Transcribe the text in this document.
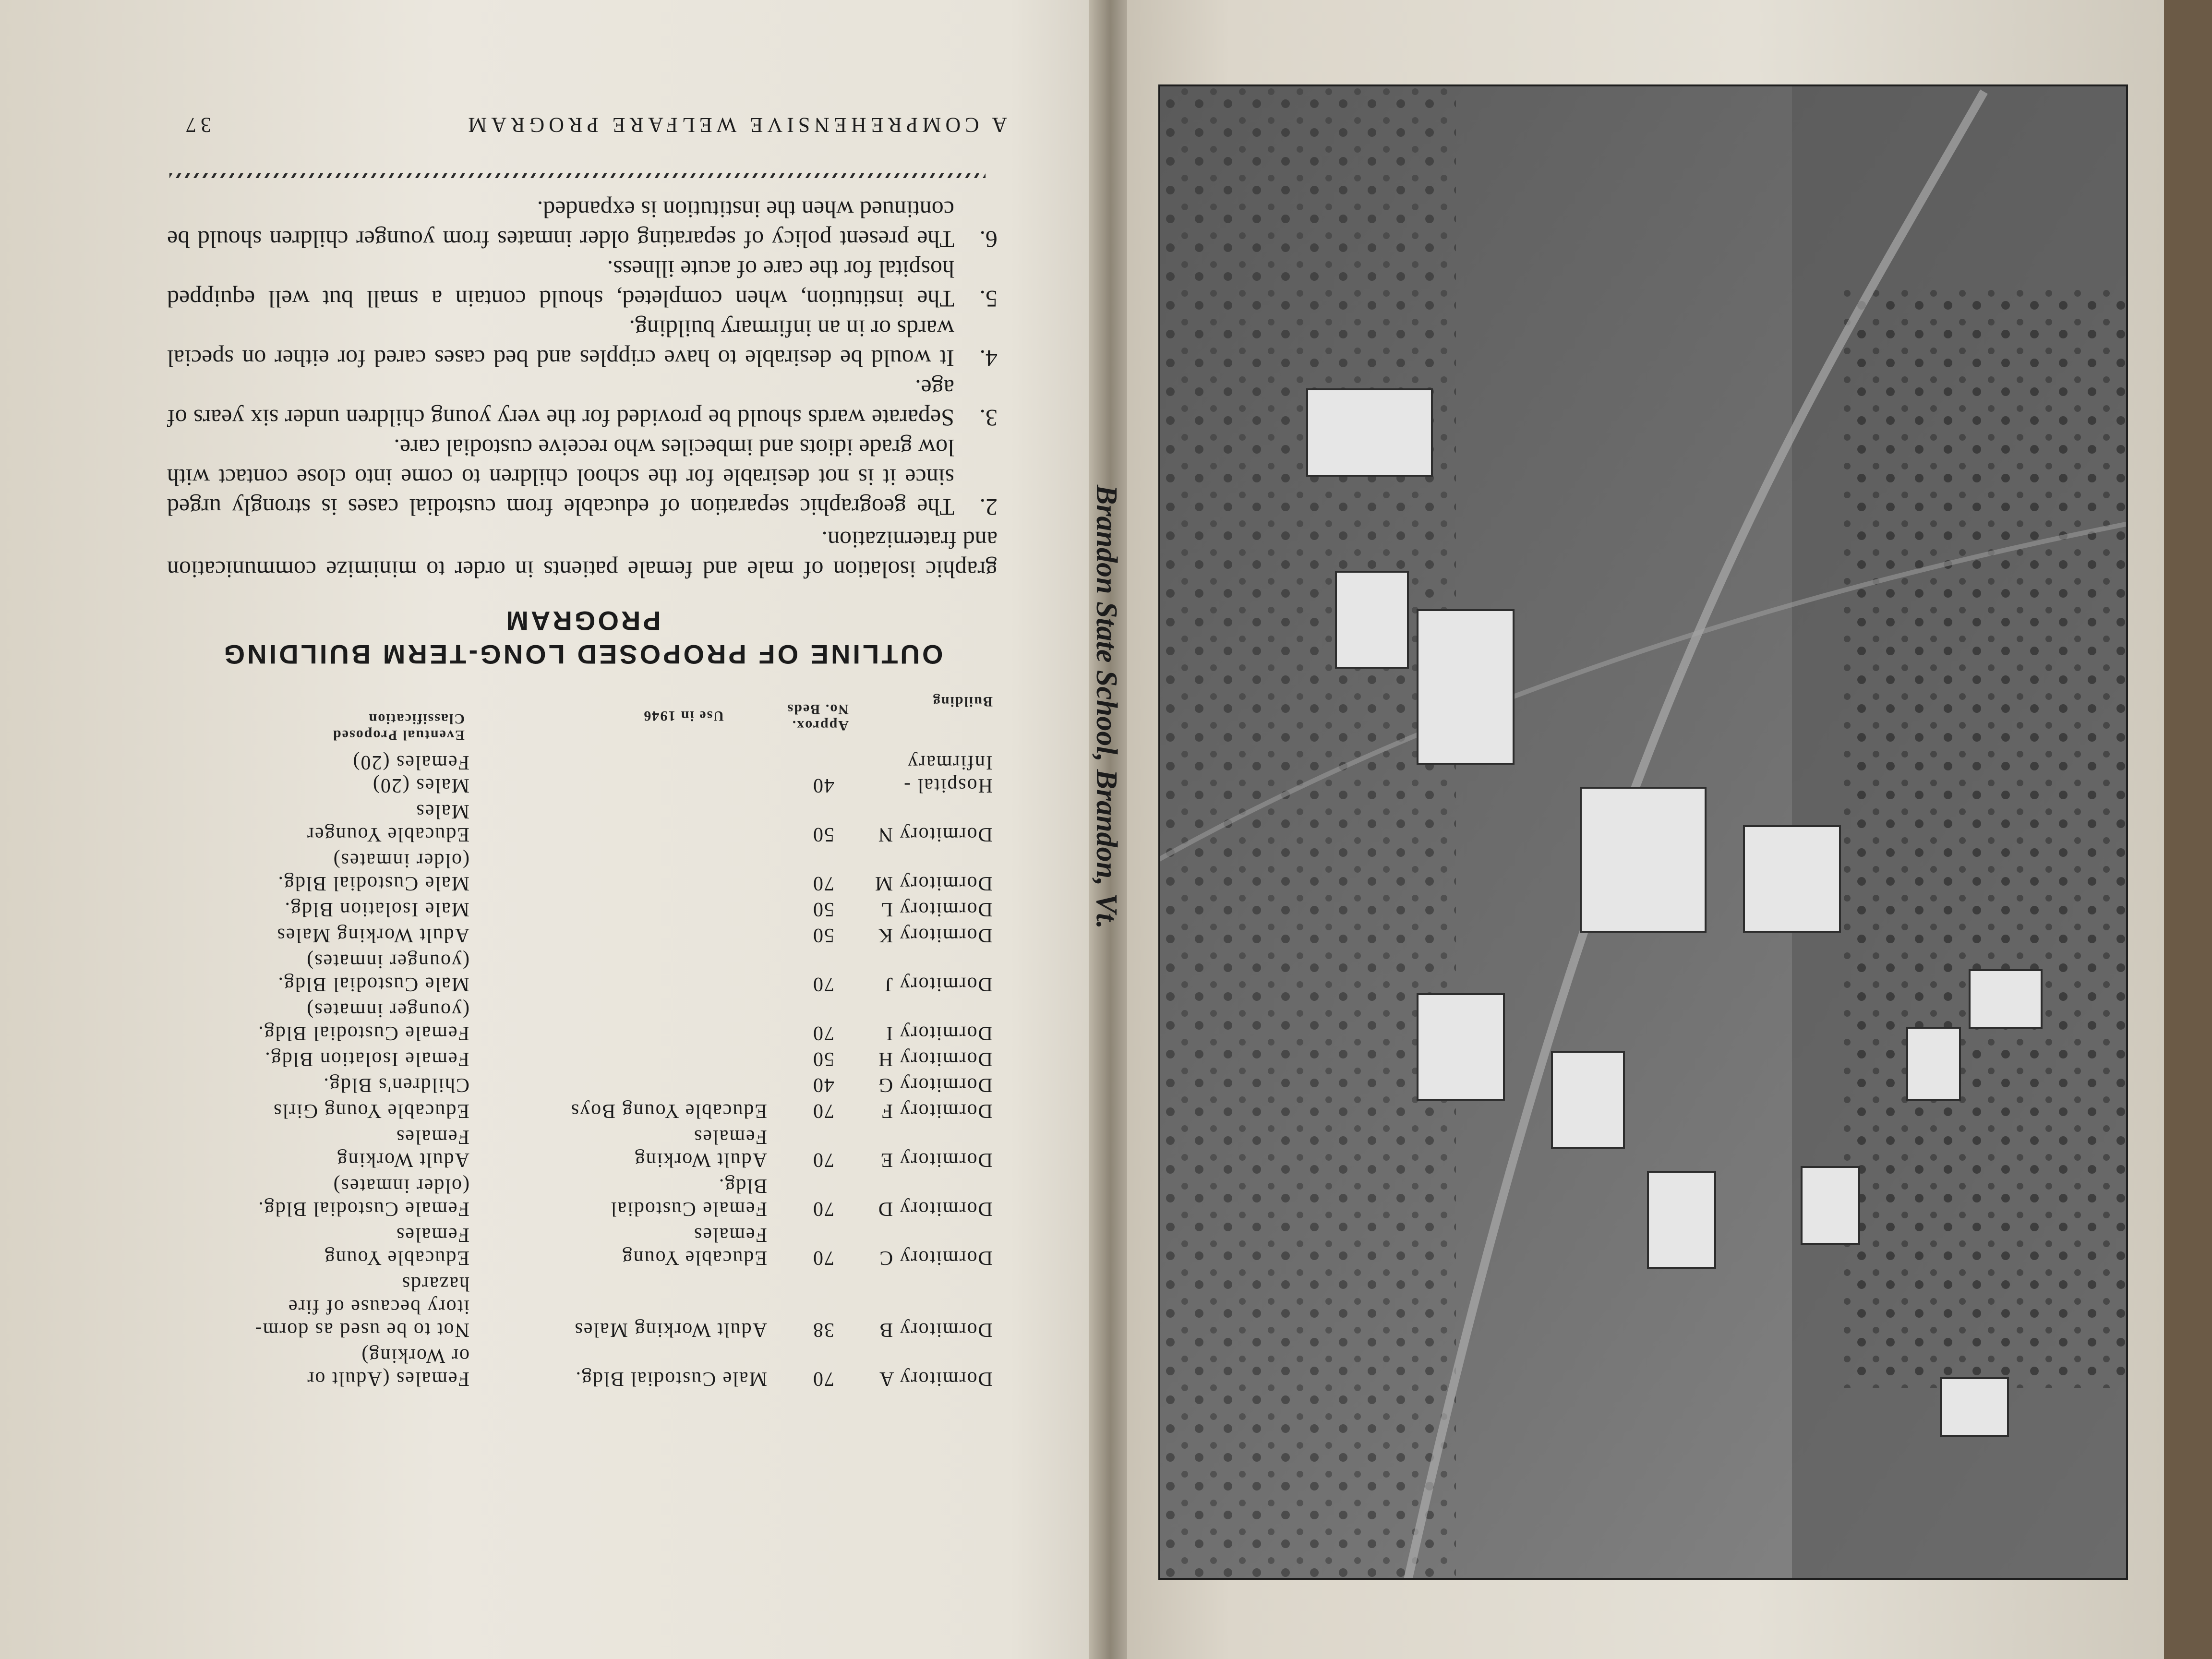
A COMPREHENSIVE WELFARE PROGRAM
37

graphic isolation of male and female patients in order to minimize communication and fraternization.

2.
The geographic separation of educable from custodial cases is strongly urged since it is not desirable for the school children to come into close contact with low grade idiots and imbeciles who receive custodial care.
3.
Separate wards should be provided for the very young children under six years of age.
4.
It would be desirable to have cripples and bed cases cared for either on special wards or in an infirmary building.
5.
The institution, when completed, should contain a small but well equipped hospital for the care of acute illness.
6.
The present policy of separating older inmates from younger children should be continued when the institution is expanded.
OUTLINE OF PROPOSED LONG-TERM BUILDING PROGRAM
Building
Approx. No. Beds
Use in 1946
Eventual Proposed Classification
Dormitory A
70
Male Custodial Bldg.
Females (Adult or
or Working)
Dormitory B
38
Adult Working Males
Not to be used as dorm-
itory because of fire
hazards
Dormitory C
70
Educable Young
Females
Educable Young
Females
Dormitory D
70
Female Custodial
Bldg.
Female Custodial Bldg.
(older inmates)
Dormitory E
70
Adult Working
Females
Adult Working
Females
Dormitory F
70
Educable Young Boys
Educable Young Girls
Dormitory G
40
Children's Bldg.
Dormitory H
50
Female Isolation Bldg.
Dormitory I
70
Female Custodial Bldg.
(younger inmates)
Dormitory J
70
Male Custodial Bldg.
(younger inmates)
Dormitory K
50
Adult Working Males
Dormitory L
50
Male Isolation Bldg.
Dormitory M
70
Male Custodial Bldg.
(older inmates)
Dormitory N
50
Educable Younger
Males
Hospital -
Infirmary
40
Males (20)
Females (20)	Brandon State School, Brandon, Vt.
